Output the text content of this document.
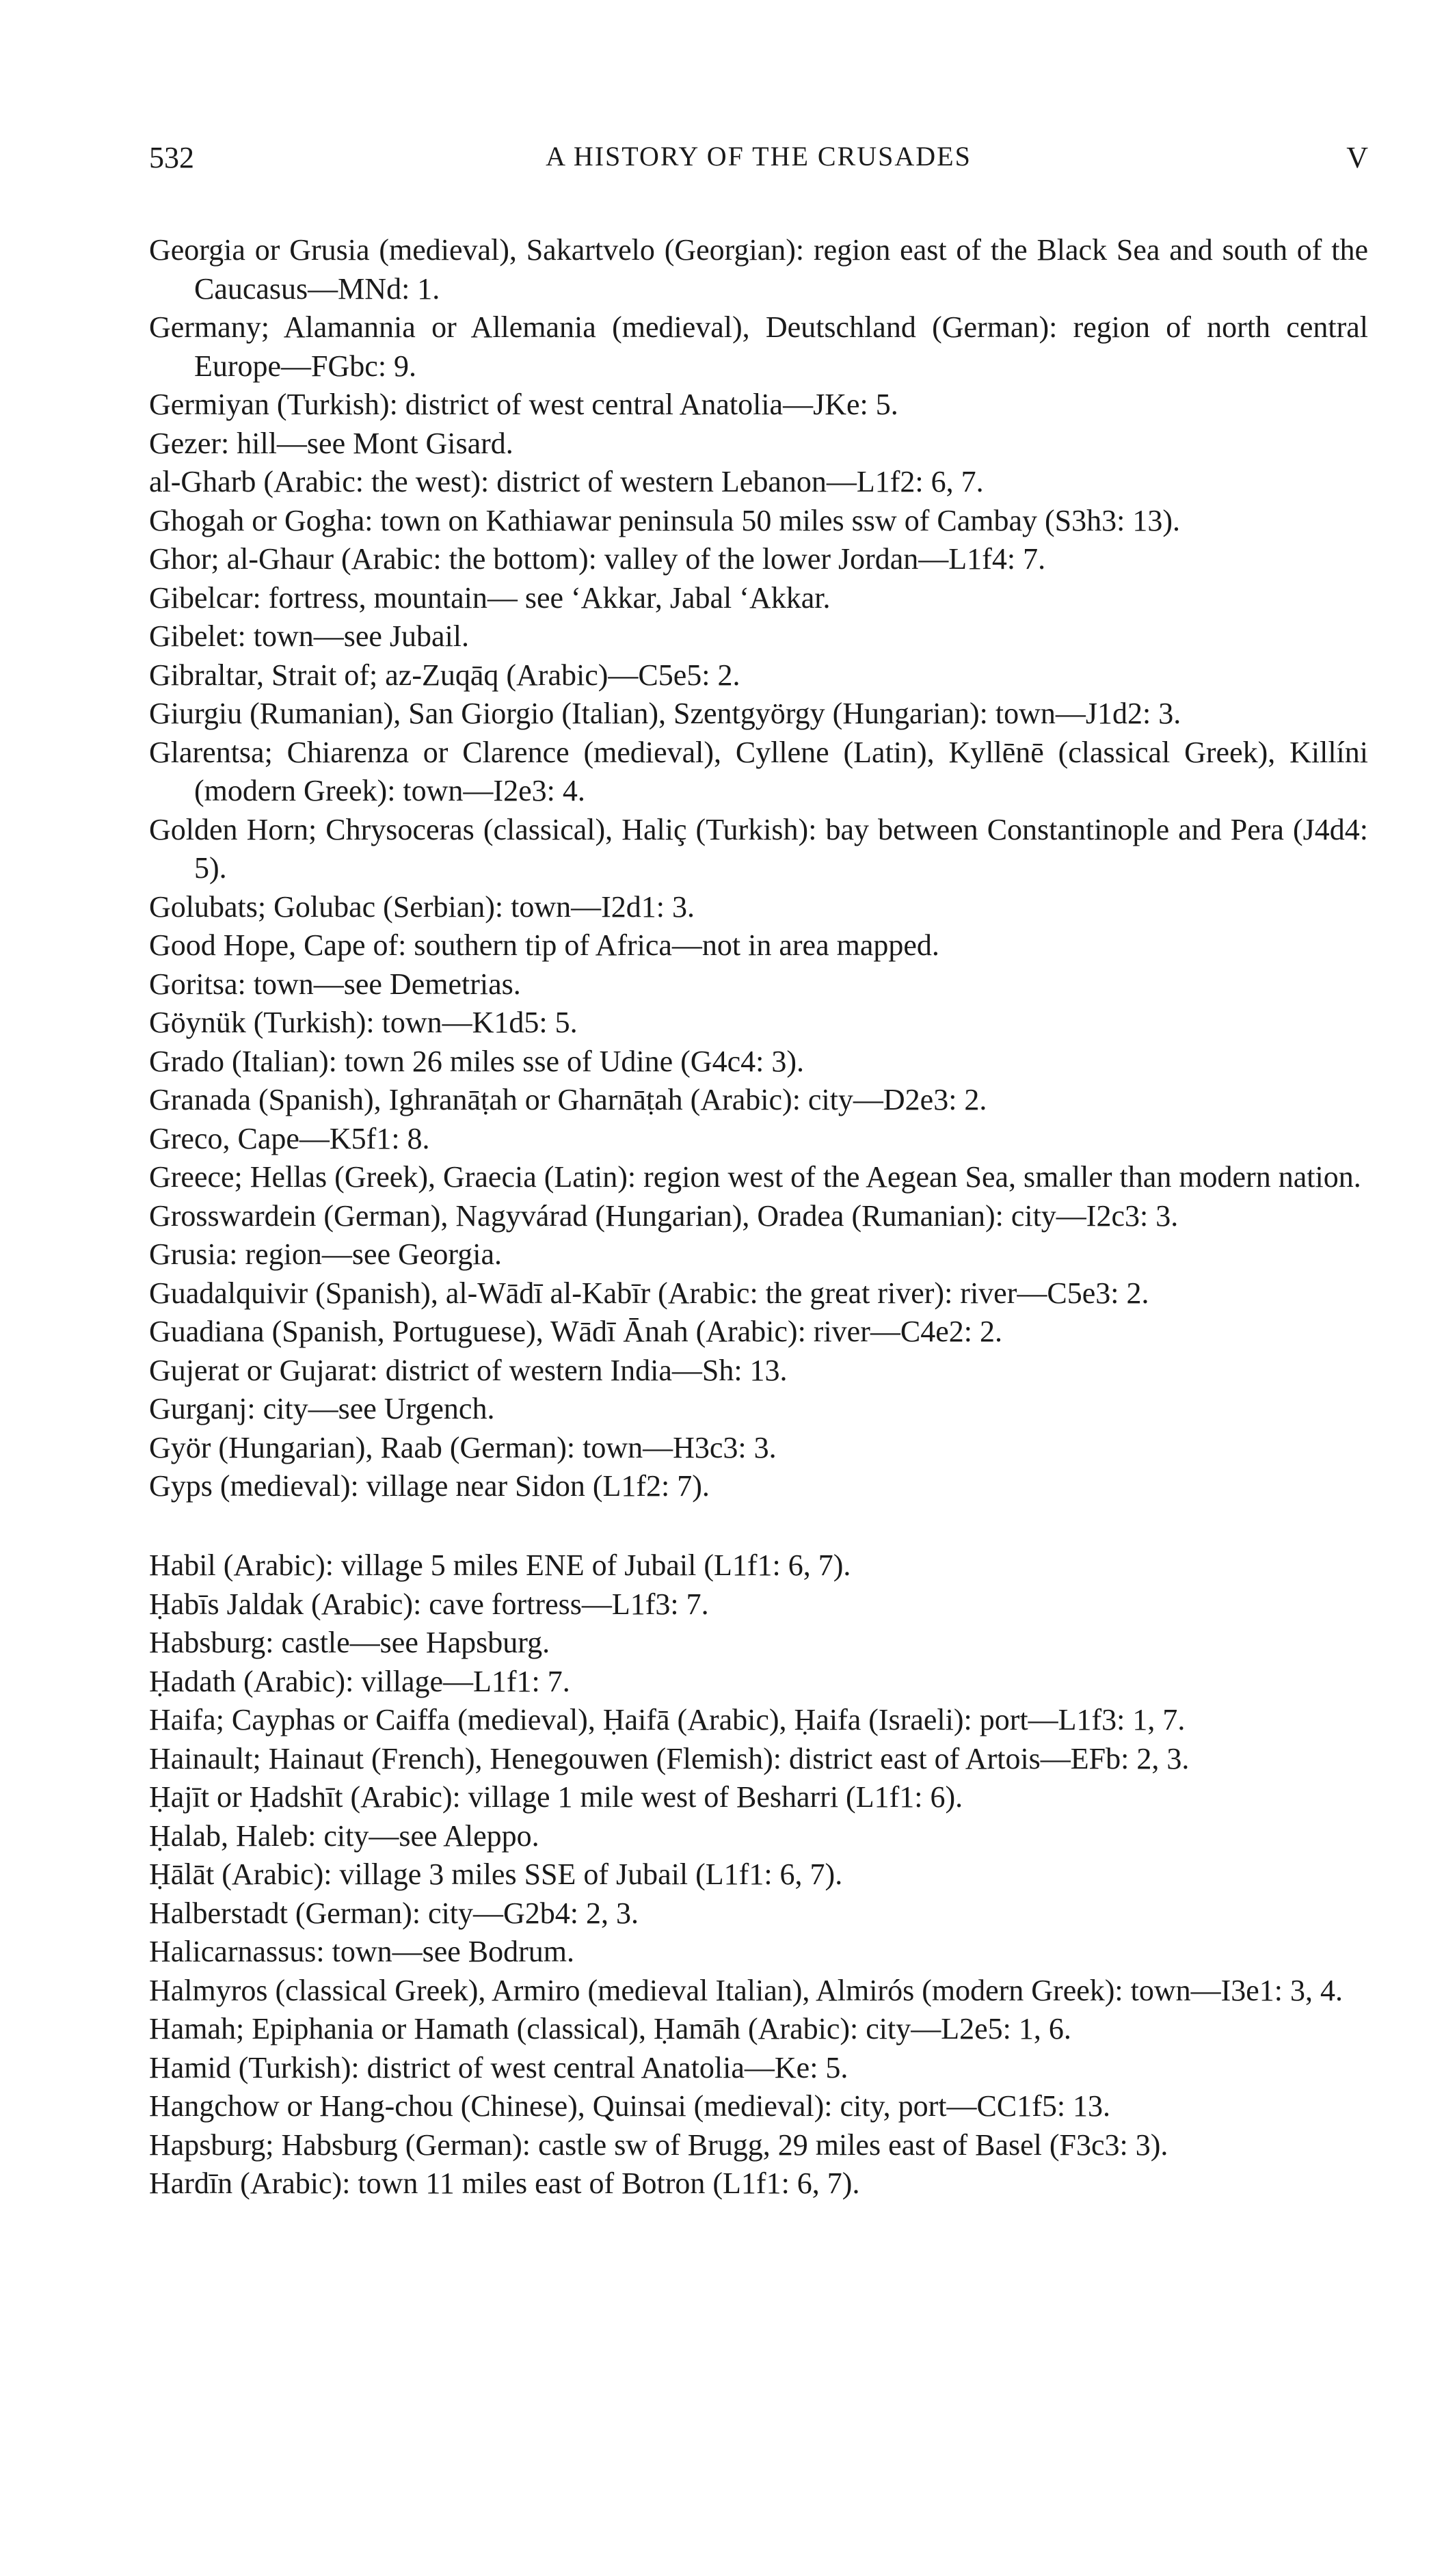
532	A HISTORY OF THE CRUSADES	V

Georgia or Grusia (medieval), Sakartvelo (Georgian): region east of the Black Sea and south of the Caucasus—MNd: 1.

Germany; Alamannia or Allemania (medieval), Deutschland (German): region of north central Europe—FGbc: 9.

Germiyan (Turkish): district of west central Anatolia—JKe: 5.

Gezer: hill—see Mont Gisard.

al-Gharb (Arabic: the west): district of western Lebanon—L1f2: 6, 7.

Ghogah or Gogha: town on Kathiawar peninsula 50 miles ssw of Cambay (S3h3: 13).

Ghor; al-Ghaur (Arabic: the bottom): valley of the lower Jordan—L1f4: 7.

Gibelcar: fortress, mountain— see ‘Akkar, Jabal ‘Akkar.

Gibelet: town—see Jubail.

Gibraltar, Strait of; az-Zuqāq (Arabic)—C5e5: 2.

Giurgiu (Rumanian), San Giorgio (Italian), Szentgyörgy (Hungarian): town—J1d2: 3.

Glarentsa; Chiarenza or Clarence (medieval), Cyllene (Latin), Kyllēnē (classical Greek), Killíni (modern Greek): town—I2e3: 4.

Golden Horn; Chrysoceras (classical), Haliç (Turkish): bay between Constantinople and Pera (J4d4: 5).

Golubats; Golubac (Serbian): town—I2d1: 3.

Good Hope, Cape of: southern tip of Africa—not in area mapped.

Goritsa: town—see Demetrias.

Göynük (Turkish): town—K1d5: 5.

Grado (Italian): town 26 miles sse of Udine (G4c4: 3).

Granada (Spanish), Ighranāṭah or Gharnāṭah (Arabic): city—D2e3: 2.

Greco, Cape—K5f1: 8.

Greece; Hellas (Greek), Graecia (Latin): region west of the Aegean Sea, smaller than modern nation.

Grosswardein (German), Nagyvárad (Hungarian), Oradea (Rumanian): city—I2c3: 3.

Grusia: region—see Georgia.

Guadalquivir (Spanish), al-Wādī al-Kabīr (Arabic: the great river): river—C5e3: 2.

Guadiana (Spanish, Portuguese), Wādī Ānah (Arabic): river—C4e2: 2.

Gujerat or Gujarat: district of western India—Sh: 13.

Gurganj: city—see Urgench.

Györ (Hungarian), Raab (German): town—H3c3: 3.

Gyps (medieval): village near Sidon (L1f2: 7).

Habil (Arabic): village 5 miles ENE of Jubail (L1f1: 6, 7).

Ḥabīs Jaldak (Arabic): cave fortress—L1f3: 7.

Habsburg: castle—see Hapsburg.

Ḥadath (Arabic): village—L1f1: 7.

Haifa; Cayphas or Caiffa (medieval), Ḥaifā (Arabic), Ḥaifa (Israeli): port—L1f3: 1, 7.

Hainault; Hainaut (French), Henegouwen (Flemish): district east of Artois—EFb: 2, 3.

Ḥajīt or Ḥadshīt (Arabic): village 1 mile west of Besharri (L1f1: 6).

Ḥalab, Haleb: city—see Aleppo.

Ḥālāt (Arabic): village 3 miles SSE of Jubail (L1f1: 6, 7).

Halberstadt (German): city—G2b4: 2, 3.

Halicarnassus: town—see Bodrum.

Halmyros (classical Greek), Armiro (medieval Italian), Almirós (modern Greek): town—I3e1: 3, 4.

Hamah; Epiphania or Hamath (classical), Ḥamāh (Arabic): city—L2e5: 1, 6.

Hamid (Turkish): district of west central Anatolia—Ke: 5.

Hangchow or Hang-chou (Chinese), Quinsai (medieval): city, port—CC1f5: 13.

Hapsburg; Habsburg (German): castle sw of Brugg, 29 miles east of Basel (F3c3: 3).

Hardīn (Arabic): town 11 miles east of Botron (L1f1: 6, 7).
